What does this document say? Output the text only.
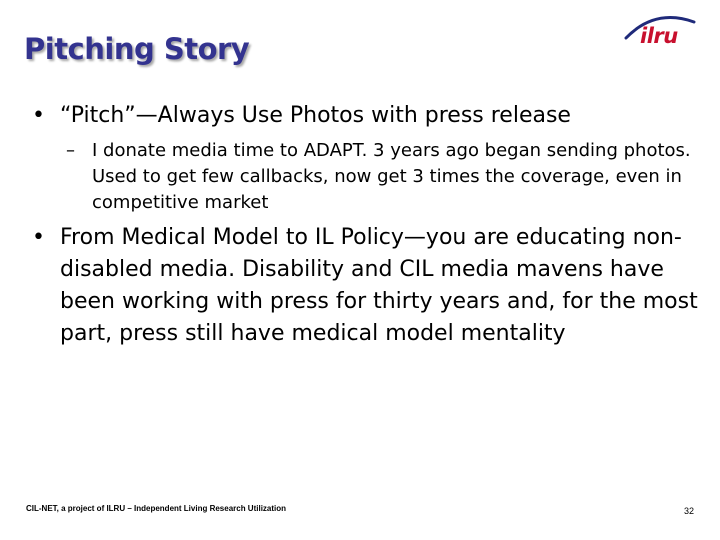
Pitching Story	ilru
• “Pitch”—Always Use Photos with press release
– I donate media time to ADAPT. 3 years ago began sending photos. Used to get few callbacks, now get 3 times the coverage, even in competitive market
• From Medical Model to IL Policy—you are educating non-disabled media. Disability and CIL media mavens have been working with press for thirty years and, for the most part, press still have medical model mentality
CIL-NET, a project of ILRU – Independent Living Research Utilization	32
